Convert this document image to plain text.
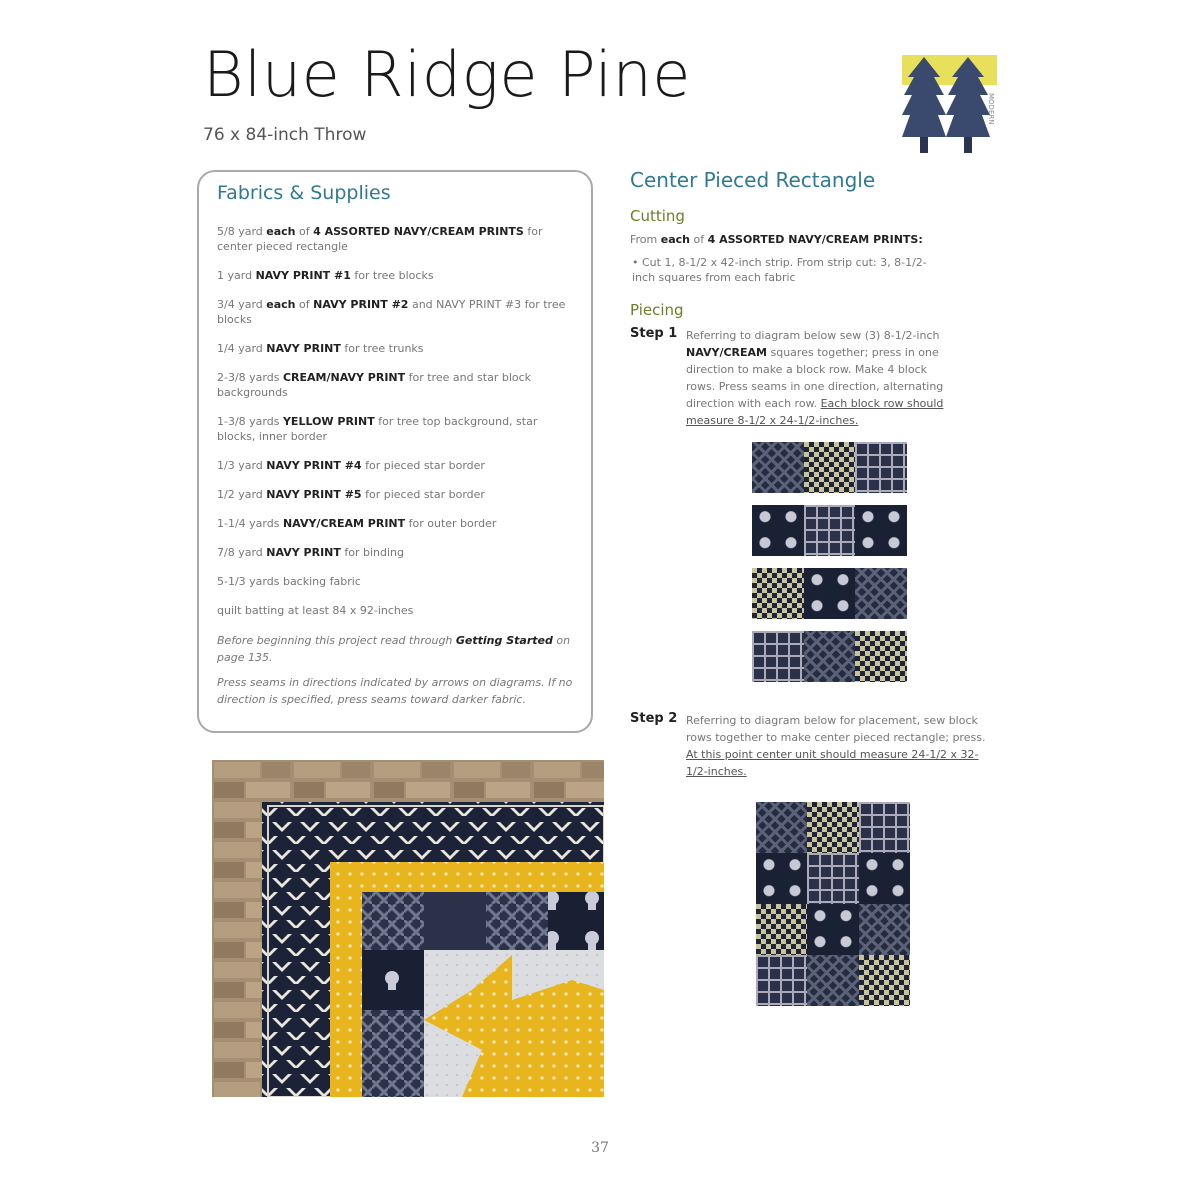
Blue Ridge Pine
76 x 84-inch Throw
MODERN
Fabrics & Supplies
5/8 yard each of 4 ASSORTED NAVY/CREAM PRINTS for center pieced rectangle
1 yard NAVY PRINT #1 for tree blocks
3/4 yard each of NAVY PRINT #2 and NAVY PRINT #3 for tree blocks
1/4 yard NAVY PRINT for tree trunks
2-3/8 yards CREAM/NAVY PRINT for tree and star block backgrounds
1-3/8 yards YELLOW PRINT for tree top background, star blocks, inner border
1/3 yard NAVY PRINT #4 for pieced star border
1/2 yard NAVY PRINT #5 for pieced star border
1-1/4 yards NAVY/CREAM PRINT for outer border
7/8 yard NAVY PRINT for binding
5-1/3 yards backing fabric
quilt batting at least 84 x 92-inches
Before beginning this project read through Getting Started on page 135.
Press seams in directions indicated by arrows on diagrams. If no direction is specified, press seams toward darker fabric.
Center Pieced Rectangle
Cutting
From each of 4 ASSORTED NAVY/CREAM PRINTS:
• Cut 1, 8-1/2 x 42-inch strip. From strip cut: 3, 8-1/2-inch squares from each fabric
Piecing
Step 1 Referring to diagram below sew (3) 8-1/2-inch NAVY/CREAM squares together; press in one direction to make a block row. Make 4 block rows. Press seams in one direction, alternating direction with each row. Each block row should measure 8-1/2 x 24-1/2-inches.
Step 2 Referring to diagram below for placement, sew block rows together to make center pieced rectangle; press. At this point center unit should measure 24-1/2 x 32-1/2-inches.
37
